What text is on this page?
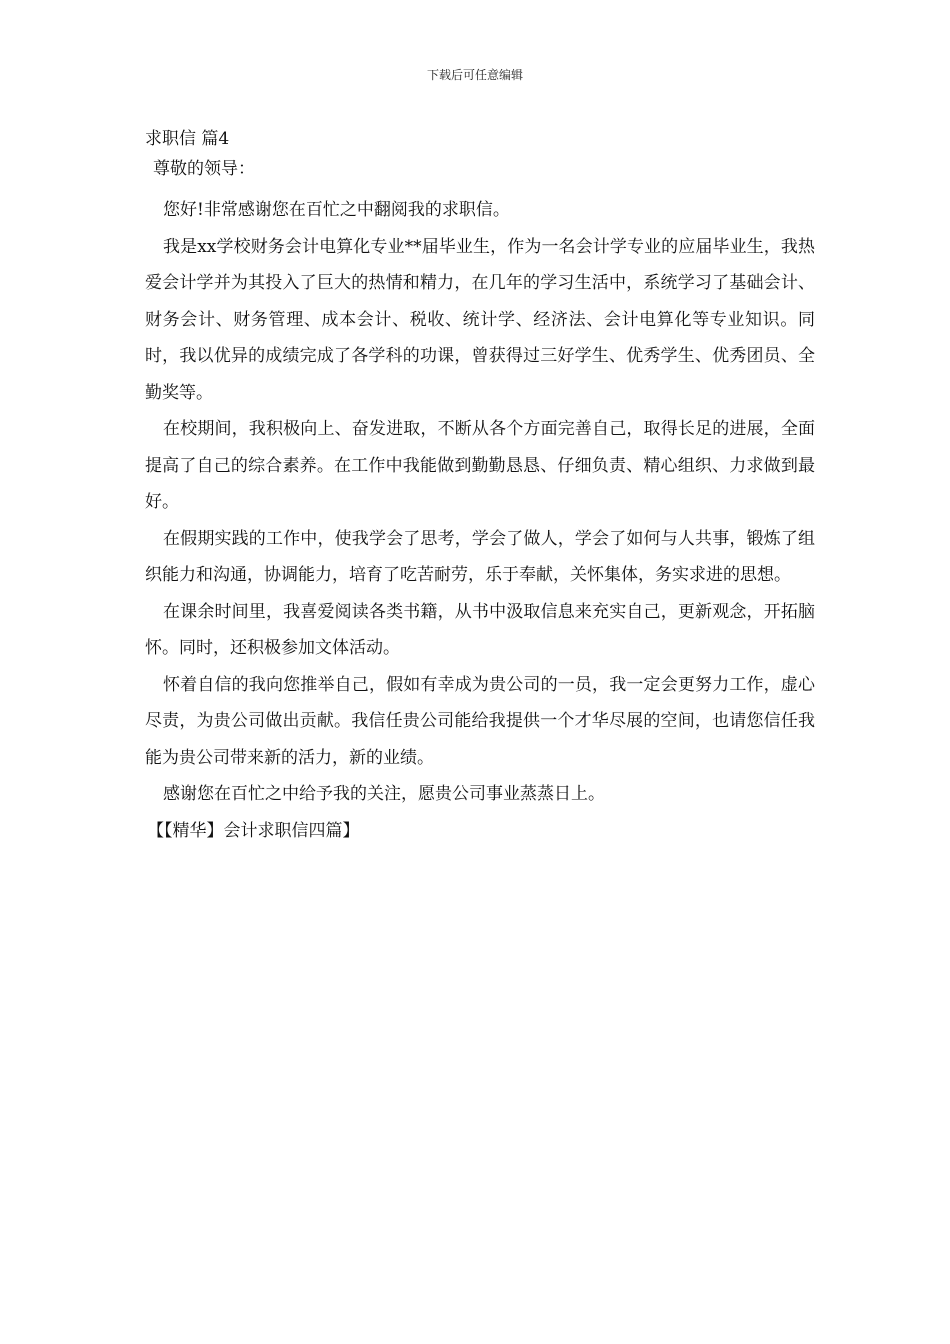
下载后可任意编辑

求职信 篇4

尊敬的领导：

您好!非常感谢您在百忙之中翻阅我的求职信。

我是xx学校财务会计电算化专业**届毕业生，作为一名会计学专业的应届毕业生，我热爱会计学并为其投入了巨大的热情和精力，在几年的学习生活中，系统学习了基础会计、财务会计、财务管理、成本会计、税收、统计学、经济法、会计电算化等专业知识。同时，我以优异的成绩完成了各学科的功课，曾获得过三好学生、优秀学生、优秀团员、全勤奖等。

在校期间，我积极向上、奋发进取，不断从各个方面完善自己，取得长足的进展，全面提高了自己的综合素养。在工作中我能做到勤勤恳恳、仔细负责、精心组织、力求做到最好。

在假期实践的工作中，使我学会了思考，学会了做人，学会了如何与人共事，锻炼了组织能力和沟通，协调能力，培育了吃苦耐劳，乐于奉献，关怀集体，务实求进的思想。

在课余时间里，我喜爱阅读各类书籍，从书中汲取信息来充实自己，更新观念，开拓脑怀。同时，还积极参加文体活动。

怀着自信的我向您推举自己，假如有幸成为贵公司的一员，我一定会更努力工作，虚心尽责，为贵公司做出贡献。我信任贵公司能给我提供一个才华尽展的空间，也请您信任我能为贵公司带来新的活力，新的业绩。

感谢您在百忙之中给予我的关注，愿贵公司事业蒸蒸日上。

【【精华】会计求职信四篇】
